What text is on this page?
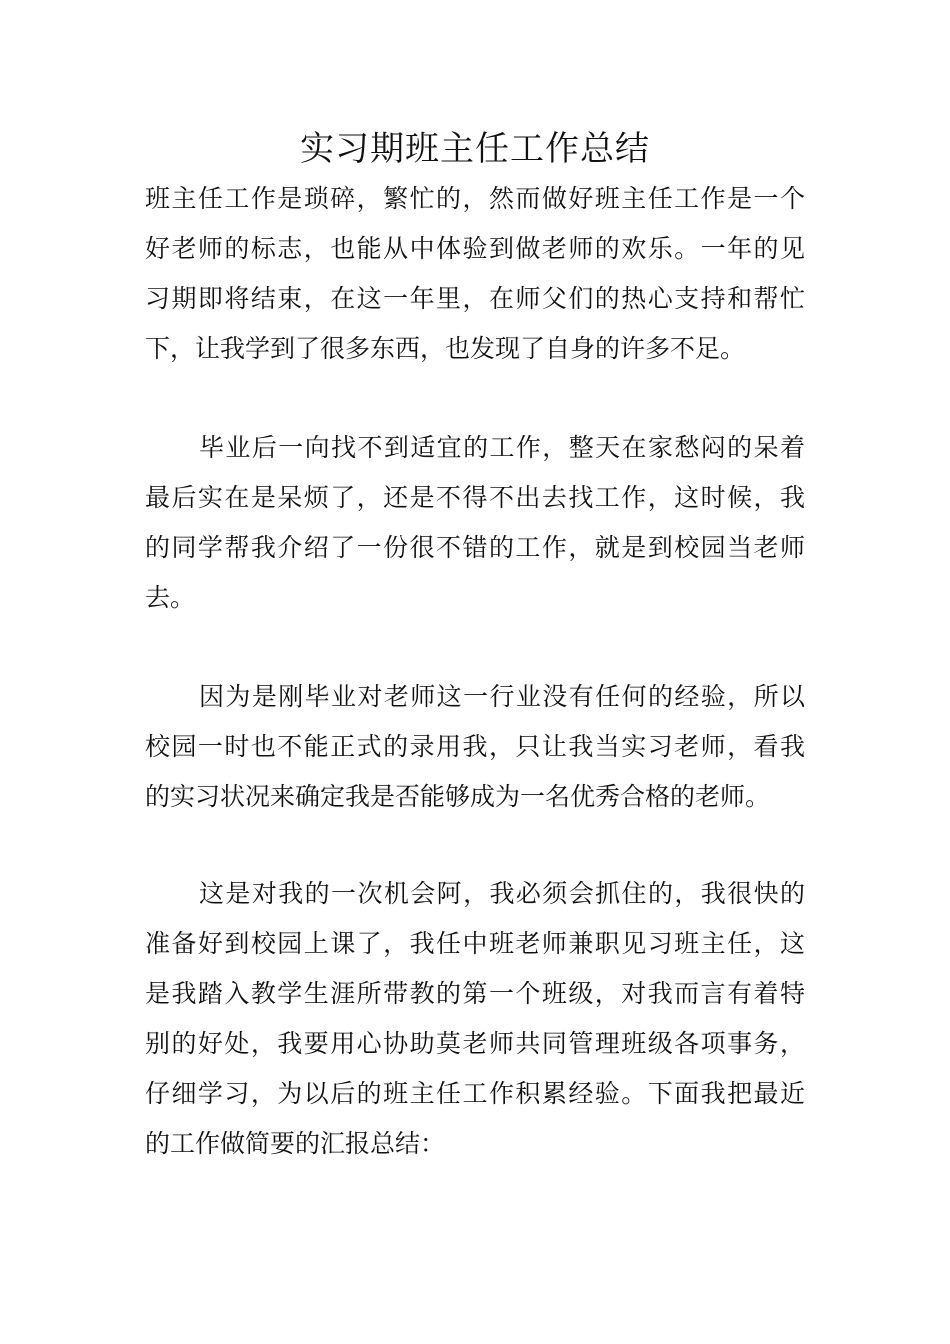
实习期班主任工作总结
班主任工作是琐碎，繁忙的，然而做好班主任工作是一个
好老师的标志，也能从中体验到做老师的欢乐。一年的见
习期即将结束，在这一年里，在师父们的热心支持和帮忙
下，让我学到了很多东西，也发现了自身的许多不足。
毕业后一向找不到适宜的工作，整天在家愁闷的呆着
最后实在是呆烦了，还是不得不出去找工作，这时候，我
的同学帮我介绍了一份很不错的工作，就是到校园当老师
去。
因为是刚毕业对老师这一行业没有任何的经验，所以
校园一时也不能正式的录用我，只让我当实习老师，看我
的实习状况来确定我是否能够成为一名优秀合格的老师。
这是对我的一次机会阿，我必须会抓住的，我很快的
准备好到校园上课了，我任中班老师兼职见习班主任，这
是我踏入教学生涯所带教的第一个班级，对我而言有着特
别的好处，我要用心协助莫老师共同管理班级各项事务，
仔细学习，为以后的班主任工作积累经验。下面我把最近
的工作做简要的汇报总结：
